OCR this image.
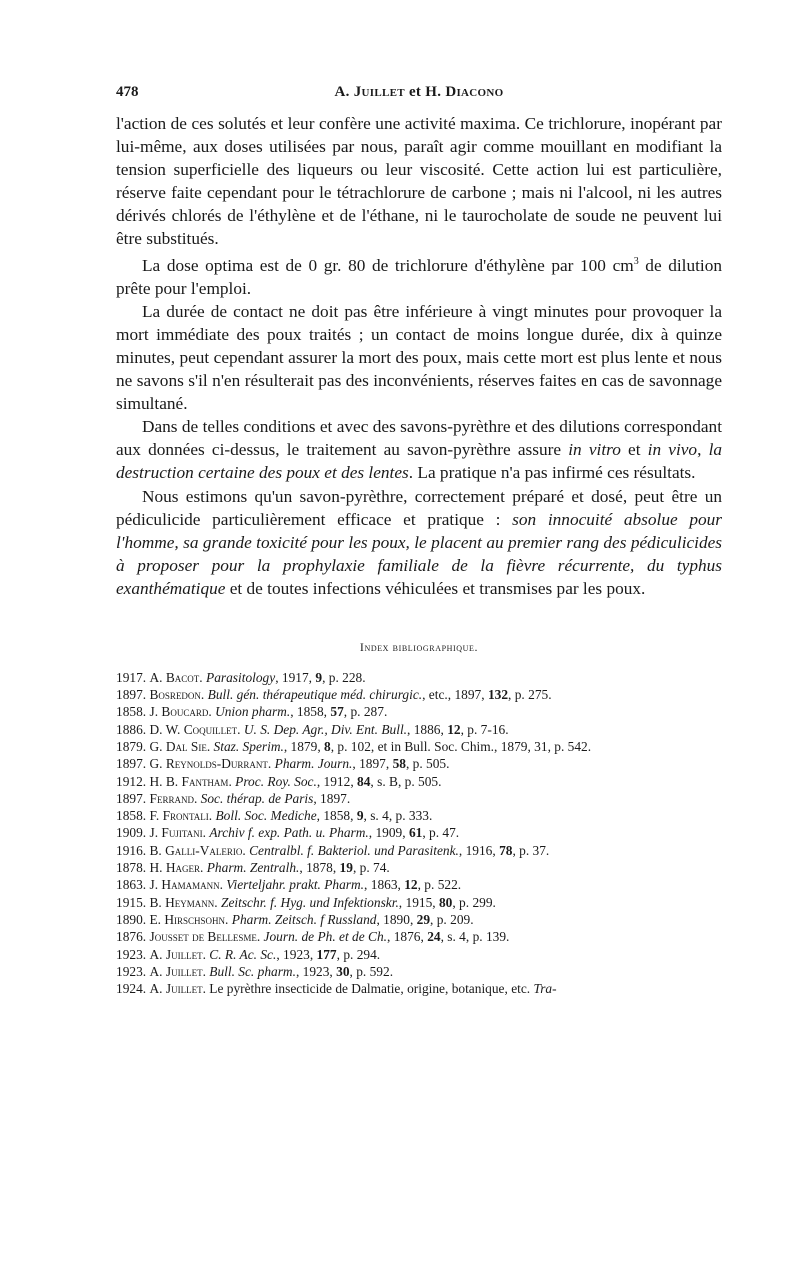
478	A. Juillet et H. Diacono

l'action de ces solutés et leur confère une activité maxima. Ce trichlorure, inopérant par lui-même, aux doses utilisées par nous, paraît agir comme mouillant en modifiant la tension superficielle des liqueurs ou leur viscosité. Cette action lui est particulière, réserve faite cependant pour le tétrachlorure de carbone ; mais ni l'alcool, ni les autres dérivés chlorés de l'éthylène et de l'éthane, ni le taurocholate de soude ne peuvent lui être substitués.

La dose optima est de 0 gr. 80 de trichlorure d'éthylène par 100 $cm^3$ de dilution prête pour l'emploi.

La durée de contact ne doit pas être inférieure à vingt minutes pour provoquer la mort immédiate des poux traités ; un contact de moins longue durée, dix à quinze minutes, peut cependant assurer la mort des poux, mais cette mort est plus lente et nous ne savons s'il n'en résulterait pas des inconvénients, réserves faites en cas de savonnage simultané.

Dans de telles conditions et avec des savons-pyrèthre et des dilutions correspondant aux données ci-dessus, le traitement au savon-pyrèthre assure in vitro et in vivo, la destruction certaine des poux et des lentes. La pratique n'a pas infirmé ces résultats.

Nous estimons qu'un savon-pyrèthre, correctement préparé et dosé, peut être un pédiculicide particulièrement efficace et pratique : son innocuité absolue pour l'homme, sa grande toxicité pour les poux, le placent au premier rang des pédiculicides à proposer pour la prophylaxie familiale de la fièvre récurrente, du typhus exanthématique et de toutes infections véhiculées et transmises par les poux.

Index bibliographique.
1917. A. Bacot. Parasitology, 1917, 9, p. 228.
1897. Bosredon. Bull. gén. thérapeutique méd. chirurgic., etc., 1897, 132, p. 275.
1858. J. Boucard. Union pharm., 1858, 57, p. 287.
1886. D. W. Coquillet. U. S. Dep. Agr., Div. Ent. Bull., 1886, 12, p. 7-16.
1879. G. Dal Sie. Staz. Sperim., 1879, 8, p. 102, et in Bull. Soc. Chim., 1879, 31, p. 542.
1897. G. Reynolds-Durrant. Pharm. Journ., 1897, 58, p. 505.
1912. H. B. Fantham. Proc. Roy. Soc., 1912, 84, s. B, p. 505.
1897. Ferrand. Soc. thérap. de Paris, 1897.
1858. F. Frontali. Boll. Soc. Mediche, 1858, 9, s. 4, p. 333.
1909. J. Fujitani. Archiv f. exp. Path. u. Pharm., 1909, 61, p. 47.
1916. B. Galli-Valerio. Centralbl. f. Bakteriol. und Parasitenk., 1916, 78, p. 37.
1878. H. Hager. Pharm. Zentralh., 1878, 19, p. 74.
1863. J. Hamamann. Vierteljahr. prakt. Pharm., 1863, 12, p. 522.
1915. B. Heymann. Zeitschr. f. Hyg. und Infektionskr., 1915, 80, p. 299.
1890. E. Hirschsohn. Pharm. Zeitsch. f Russland, 1890, 29, p. 209.
1876. Jousset de Bellesme. Journ. de Ph. et de Ch., 1876, 24, s. 4, p. 139.
1923. A. Juillet. C. R. Ac. Sc., 1923, 177, p. 294.
1923. A. Juillet. Bull. Sc. pharm., 1923, 30, p. 592.
1924. A. Juillet. Le pyrèthre insecticide de Dalmatie, origine, botanique, etc. Tra-
